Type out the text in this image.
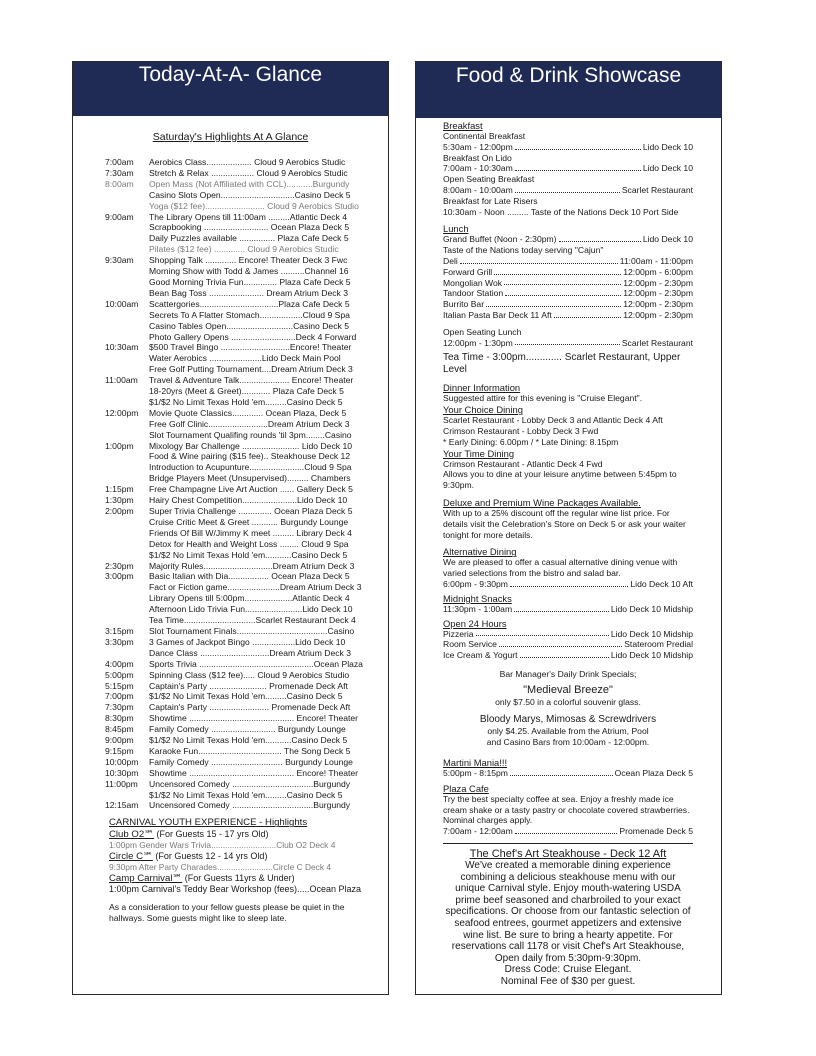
Today-At-A- Glance
Saturday's Highlights At A Glance
7:00am	Aerobics Class................... Cloud 9 Aerobics Studic
7:30am	Stretch & Relax .................. Cloud 9 Aerobics Studic
8:00am	Open Mass (Not Affiliated with CCL)...........Burgundy
Casino Slots Open...............................Casino Deck 5
Yoga ($12 fee)......................... Cloud 9 Aerobics Studio
9:00am	The Library Opens till 11:00am .........Atlantic Deck 4
Scrapbooking ........................... Ocean Plaza Deck 5
Daily Puzzles available ............... Plaza Cafe Deck 5
Pilates ($12 fee) ............. Cloud 9 Aerobics Studic
9:30am	Shopping Talk ............. Encore! Theater Deck 3 Fwc
Morning Show with Todd & James ..........Channel 16
Good Morning Trivia Fun.............. Plaza Cafe Deck 5
Bean Bag Toss ....................... Dream Atrium Deck 3
10:00am	Scattergories.................................Plaza Cafe Deck 5
Secrets To A Flatter Stomach..................Cloud 9 Spa
Casino Tables Open............................Casino Deck 5
Photo Gallery Opens ...........................Deck 4 Forward
10:30am	$500 Travel Bingo .............................Encore! Theater
Water Aerobics ......................Lido Deck Main Pool
Free Golf Putting Tournament....Dream Atrium Deck 3
11:00am	Travel & Adventure Talk..................... Encore! Theater
18-20yrs (Meet & Greet)............ Plaza Cafe Deck 5
$1/$2 No Limit Texas Hold 'em.........Casino Deck 5
12:00pm	Movie Quote Classics............. Ocean Plaza, Deck 5
Free Golf Clinic.........................Dream Atrium Deck 3
Slot Tournament Qualifing rounds 'til 3pm........Casino
1:00pm	Mixology Bar Challenge ........................ Lido Deck 10
Food & Wine pairing ($15 fee).. Steakhouse Deck 12
Introduction to Acupunture.......................Cloud 9 Spa
Bridge Players Meet (Unsupervised)......... Chambers
1:15pm	Free Champagne Live Art Auction ...... Gallery Deck 5
1:30pm	Hairy Chest Competition.......................Lido Deck 10
2:00pm	Super Trivia Challenge .............. Ocean Plaza Deck 5
Cruise Critic Meet & Greet ........... Burgundy Lounge
Friends Of Bill W/Jimmy K meet ......... Library Deck 4
Detox for Health and Weight Loss ........ Cloud 9 Spa
$1/$2 No Limit Texas Hold 'em...........Casino Deck 5
2:30pm	Majority Rules.............................Dream Atrium Deck 3
3:00pm	Basic Italian with Dia................. Ocean Plaza Deck 5
Fact or Fiction game......................Dream Atrium Deck 3
Library Opens till 5:00pm....................Atlantic Deck 4
Afternoon Lido Trivia Fun........................Lido Deck 10
Tea Time..............................Scarlet Restaurant Deck 4
3:15pm	Slot Tournament Finals......................................Casino
3:30pm	3 Games of Jackpot Bingo ..................Lido Deck 10
Dance Class .............................Dream Atrium Deck 3
4:00pm	Sports Trivia ................................................Ocean Plaza
5:00pm	Spinning Class ($12 fee)..... Cloud 9 Aerobics Studio
5:15pm	Captain's Party ........................ Promenade Deck Aft
7:00pm	$1/$2 No Limit Texas Hold 'em.........Casino Deck 5
7:30pm	Captain's Party ......................... Promenade Deck Aft
8:30pm	Showtime ............................................ Encore! Theater
8:45pm	Family Comedy ........................... Burgundy Lounge
9:00pm	$1/$2 No Limit Texas Hold 'em...........Casino Deck 5
9:15pm	Karaoke Fun................................... The Song Deck 5
10:00pm	Family Comedy .............................. Burgundy Lounge
10:30pm	Showtime ............................................ Encore! Theater
11:00pm	Uncensored Comedy ..................................Burgundy
$1/$2 No Limit Texas Hold 'em.........Casino Deck 5
12:15am	Uncensored Comedy ..................................Burgundy
CARNIVAL YOUTH EXPERIENCE - Highlights
Club O2℠ (For Guests 15 - 17 yrs Old)
1:00pm Gender Wars Trivia............................Club O2 Deck 4
Circle C℠ (For Guests 12 - 14 yrs Old)
9:30pm After Party Charades........................Circle C Deck 4
Camp Carnival℠ (For Guests 11yrs & Under)
1:00pm Carnival's Teddy Bear Workshop (fees).....Ocean Plaza
As a consideration to your fellow guests please be quiet in the hallways. Some guests might like to sleep late.
Food & Drink Showcase
Breakfast
Continental Breakfast
5:30am - 12:00pm	Lido Deck 10
Breakfast On Lido
7:00am - 10:30am	Lido Deck 10
Open Seating Breakfast
8:00am - 10:00am	Scarlet Restaurant
Breakfast for Late Risers
10:30am - Noon ......... Taste of the Nations Deck 10 Port Side
Lunch
Grand Buffet (Noon - 2:30pm)	Lido Deck 10
Taste of the Nations today serving "Cajun"
Deli	11:00am - 11:00pm
Forward Grill	12:00pm - 6:00pm
Mongolian Wok	12:00pm - 2:30pm
Tandoor Station	12:00pm - 2:30pm
Burrito Bar	12:00pm - 2:30pm
Italian Pasta Bar Deck 11 Aft	12:00pm - 2:30pm
Open Seating Lunch
12:00pm - 1:30pm	Scarlet Restaurant
Tea Time - 3:00pm............. Scarlet Restaurant, Upper Level
Dinner Information
Suggested attire for this evening is "Cruise Elegant".
Your Choice Dining
Scarlet Restaurant - Lobby Deck 3 and Atlantic Deck 4 Aft
Crimson Restaurant - Lobby Deck 3 Fwd
* Early Dining: 6.00pm / * Late Dining: 8.15pm
Your Time Dining
Crimson Restaurant - Atlantic Deck 4 Fwd
Allows you to dine at your leisure anytime between 5:45pm to 9:30pm.
Deluxe and Premium Wine Packages Available.
With up to a 25% discount off the regular wine list price. For details visit the Celebration's Store on Deck 5 or ask your waiter tonight for more details.
Alternative Dining
We are pleased to offer a casual alternative dining venue with varied selections from the bistro and salad bar.
6:00pm - 9:30pm	Lido Deck 10 Aft
Midnight Snacks
11:30pm - 1:00am	Lido Deck 10 Midship
Open 24 Hours
Pizzeria	Lido Deck 10 Midship
Room Service	Stateroom Predial
Ice Cream & Yogurt	Lido Deck 10 Midship
Bar Manager's Daily Drink Specials;
"Medieval Breeze"
only $7.50 in a colorful souvenir glass.
Bloody Marys, Mimosas & Screwdrivers
only $4.25. Available from the Atrium, Pool
and Casino Bars from 10:00am - 12:00pm.
Martini Mania!!!
5:00pm - 8:15pm	Ocean Plaza Deck 5
Plaza Cafe
Try the best specialty coffee at sea. Enjoy a freshly made ice cream shake or a tasty pastry or chocolate covered strawberries. Nominal charges apply.
7:00am - 12:00am	Promenade Deck 5
The Chef's Art Steakhouse - Deck 12 Aft
We've created a memorable dining experience combining a delicious steakhouse menu with our unique Carnival style. Enjoy mouth-watering USDA prime beef seasoned and charbroiled to your exact specifications. Or choose from our fantastic selection of seafood entrees, gourmet appetizers and extensive wine list. Be sure to bring a hearty appetite. For reservations call 1178 or visit Chef's Art Steakhouse, Open daily from 5:30pm-9:30pm.
Dress Code: Cruise Elegant.
Nominal Fee of $30 per guest.
